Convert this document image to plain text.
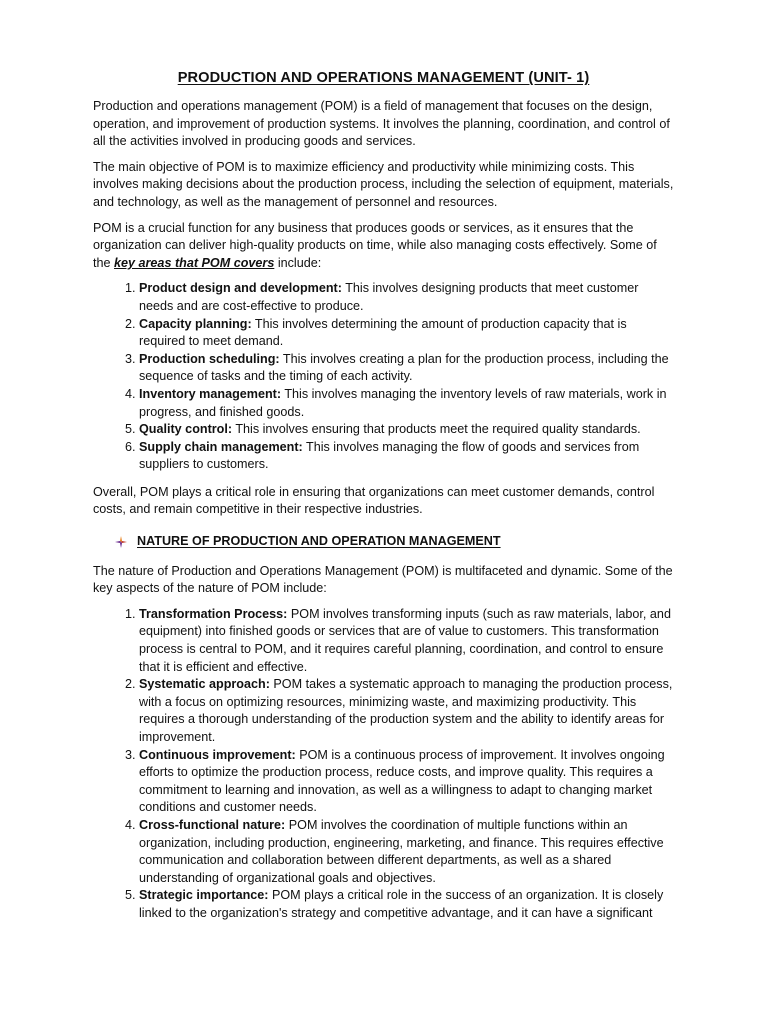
PRODUCTION AND OPERATIONS MANAGEMENT (UNIT- 1)

Production and operations management (POM) is a field of management that focuses on the design, operation, and improvement of production systems. It involves the planning, coordination, and control of all the activities involved in producing goods and services.

The main objective of POM is to maximize efficiency and productivity while minimizing costs. This involves making decisions about the production process, including the selection of equipment, materials, and technology, as well as the management of personnel and resources.

POM is a crucial function for any business that produces goods or services, as it ensures that the organization can deliver high-quality products on time, while also managing costs effectively. Some of the key areas that POM covers include:

1. Product design and development: This involves designing products that meet customer needs and are cost-effective to produce.
2. Capacity planning: This involves determining the amount of production capacity that is required to meet demand.
3. Production scheduling: This involves creating a plan for the production process, including the sequence of tasks and the timing of each activity.
4. Inventory management: This involves managing the inventory levels of raw materials, work in progress, and finished goods.
5. Quality control: This involves ensuring that products meet the required quality standards.
6. Supply chain management: This involves managing the flow of goods and services from suppliers to customers.

Overall, POM plays a critical role in ensuring that organizations can meet customer demands, control costs, and remain competitive in their respective industries.

NATURE OF PRODUCTION AND OPERATION MANAGEMENT

The nature of Production and Operations Management (POM) is multifaceted and dynamic. Some of the key aspects of the nature of POM include:

1. Transformation Process: POM involves transforming inputs (such as raw materials, labor, and equipment) into finished goods or services that are of value to customers. This transformation process is central to POM, and it requires careful planning, coordination, and control to ensure that it is efficient and effective.
2. Systematic approach: POM takes a systematic approach to managing the production process, with a focus on optimizing resources, minimizing waste, and maximizing productivity. This requires a thorough understanding of the production system and the ability to identify areas for improvement.
3. Continuous improvement: POM is a continuous process of improvement. It involves ongoing efforts to optimize the production process, reduce costs, and improve quality. This requires a commitment to learning and innovation, as well as a willingness to adapt to changing market conditions and customer needs.
4. Cross-functional nature: POM involves the coordination of multiple functions within an organization, including production, engineering, marketing, and finance. This requires effective communication and collaboration between different departments, as well as a shared understanding of organizational goals and objectives.
5. Strategic importance: POM plays a critical role in the success of an organization. It is closely linked to the organization's strategy and competitive advantage, and it can have a significant
